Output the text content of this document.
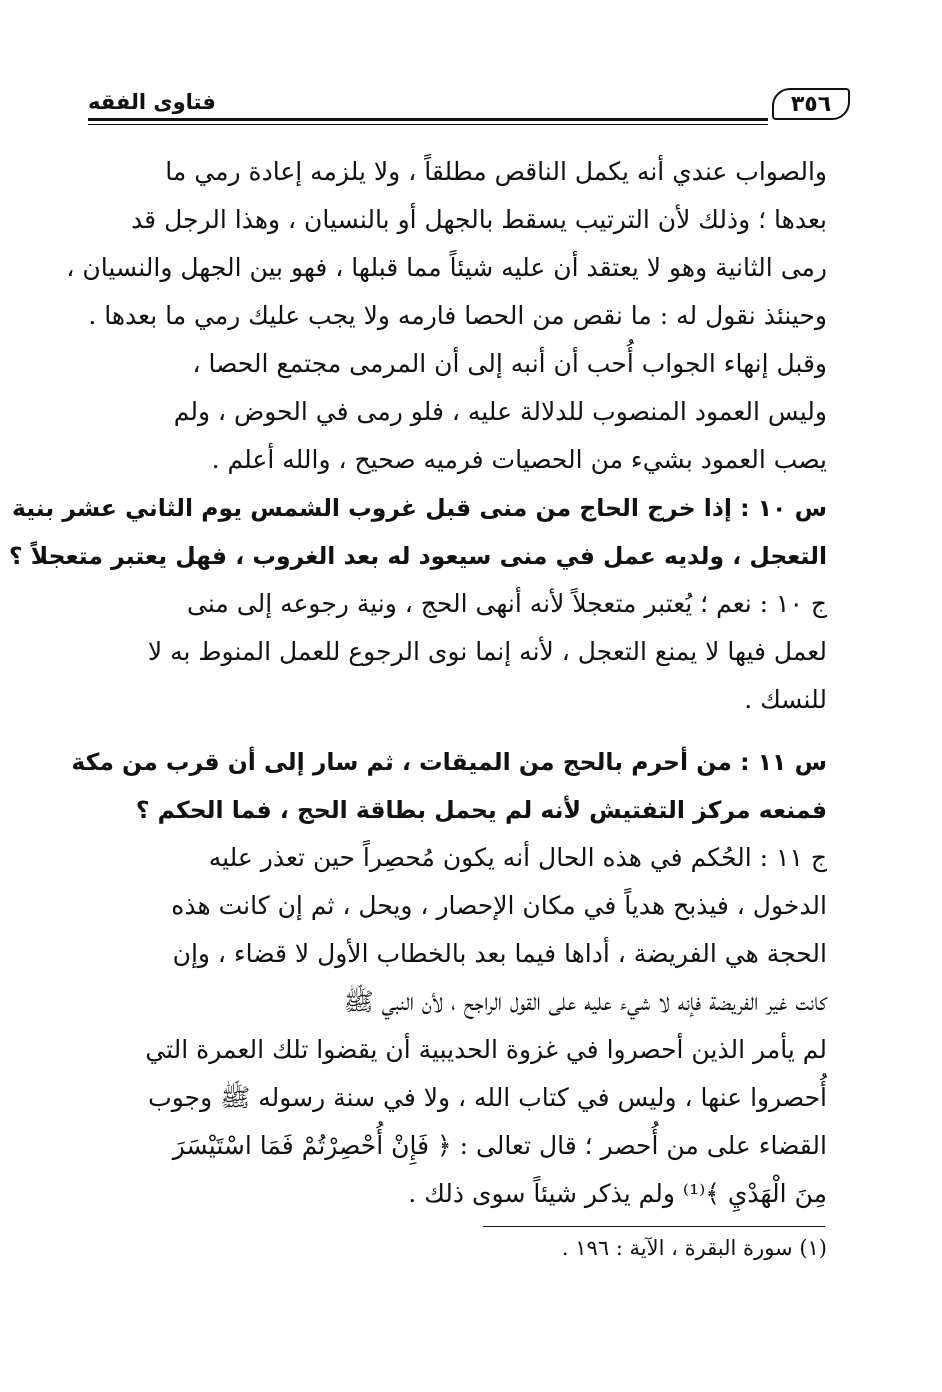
فتاوى الفقه	٣٥٦
والصواب عندي أنه يكمل الناقص مطلقاً ، ولا يلزمه إعادة رمي ما
بعدها ؛ وذلك لأن الترتيب يسقط بالجهل أو بالنسيان ، وهذا الرجل قد
رمى الثانية وهو لا يعتقد أن عليه شيئاً مما قبلها ، فهو بين الجهل والنسيان ،
وحينئذ نقول له : ما نقص من الحصا فارمه ولا يجب عليك رمي ما بعدها .
وقبل إنهاء الجواب أُحب أن أنبه إلى أن المرمى مجتمع الحصا ،
وليس العمود المنصوب للدلالة عليه ، فلو رمى في الحوض ، ولم
يصب العمود بشيء من الحصيات فرميه صحيح ، والله أعلم .
س ١٠ : إذا خرج الحاج من منى قبل غروب الشمس يوم الثاني عشر بنية
التعجل ، ولديه عمل في منى سيعود له بعد الغروب ، فهل يعتبر متعجلاً ؟
ج ١٠ : نعم ؛ يُعتبر متعجلاً لأنه أنهى الحج ، ونية رجوعه إلى منى
لعمل فيها لا يمنع التعجل ، لأنه إنما نوى الرجوع للعمل المنوط به لا
للنسك .
س ١١ : من أحرم بالحج من الميقات ، ثم سار إلى أن قرب من مكة
فمنعه مركز التفتيش لأنه لم يحمل بطاقة الحج ، فما الحكم ؟
ج ١١ : الحُكم في هذه الحال أنه يكون مُحصِراً حين تعذر عليه
الدخول ، فيذبح هدياً في مكان الإحصار ، ويحل ، ثم إن كانت هذه
الحجة هي الفريضة ، أداها فيما بعد بالخطاب الأول لا قضاء ، وإن
كانت غير الفريضة فإنه لا شيء عليه على القول الراجح ، لأن النبي ﷺ
لم يأمر الذين أحصروا في غزوة الحديبية أن يقضوا تلك العمرة التي
أُحصروا عنها ، وليس في كتاب الله ، ولا في سنة رسوله ﷺ وجوب
القضاء على من أُحصر ؛ قال تعالى : ﴿ فَإِنْ أُحْصِرْتُمْ فَمَا اسْتَيْسَرَ
مِنَ الْهَدْيِ ﴾⁽¹⁾ ولم يذكر شيئاً سوى ذلك .
(١) سورة البقرة ، الآية : ١٩٦ .
